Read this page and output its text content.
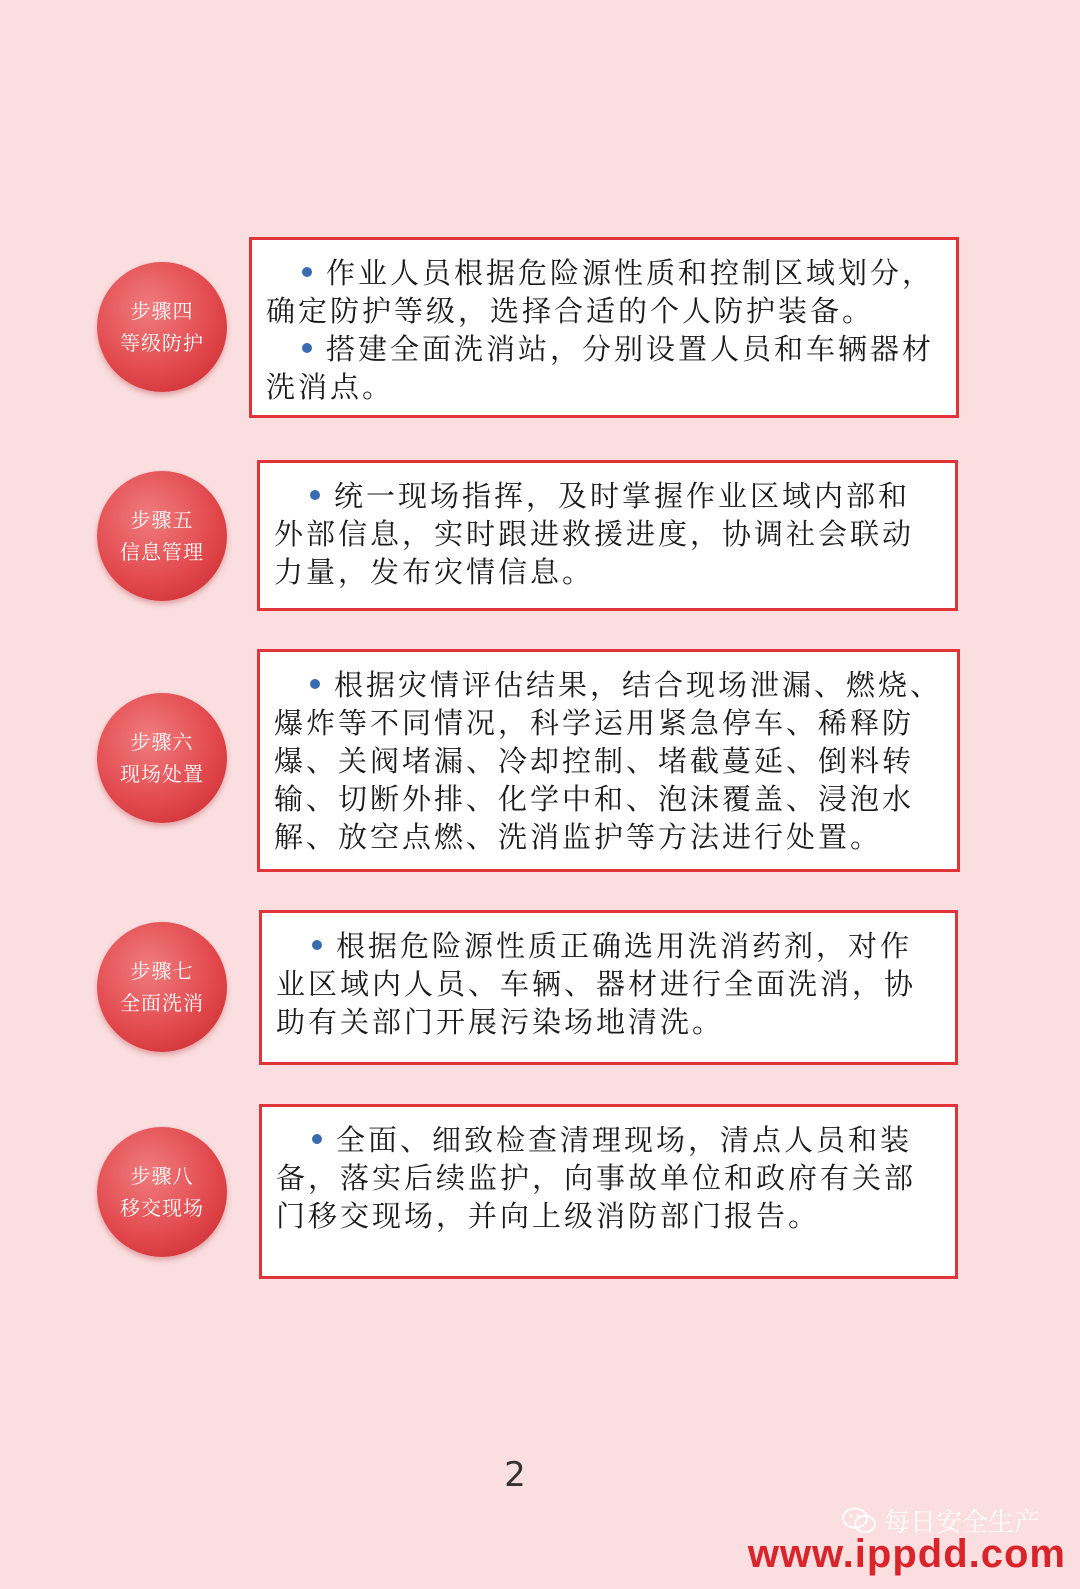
步骤四
等级防护

作业人员根据危险源性质和控制区域划分，确定防护等级，选择合适的个人防护装备。

搭建全面洗消站，分别设置人员和车辆器材洗消点。

步骤五
信息管理

统一现场指挥，及时掌握作业区域内部和外部信息，实时跟进救援进度，协调社会联动力量，发布灾情信息。

步骤六
现场处置

根据灾情评估结果，结合现场泄漏、燃烧、爆炸等不同情况，科学运用紧急停车、稀释防爆、关阀堵漏、冷却控制、堵截蔓延、倒料转输、切断外排、化学中和、泡沫覆盖、浸泡水解、放空点燃、洗消监护等方法进行处置。

步骤七
全面洗消

根据危险源性质正确选用洗消药剂，对作业区域内人员、车辆、器材进行全面洗消，协助有关部门开展污染场地清洗。

步骤八
移交现场

全面、细致检查清理现场，清点人员和装备，落实后续监护，向事故单位和政府有关部门移交现场，并向上级消防部门报告。

2
每日安全生产
www.ippdd.com
